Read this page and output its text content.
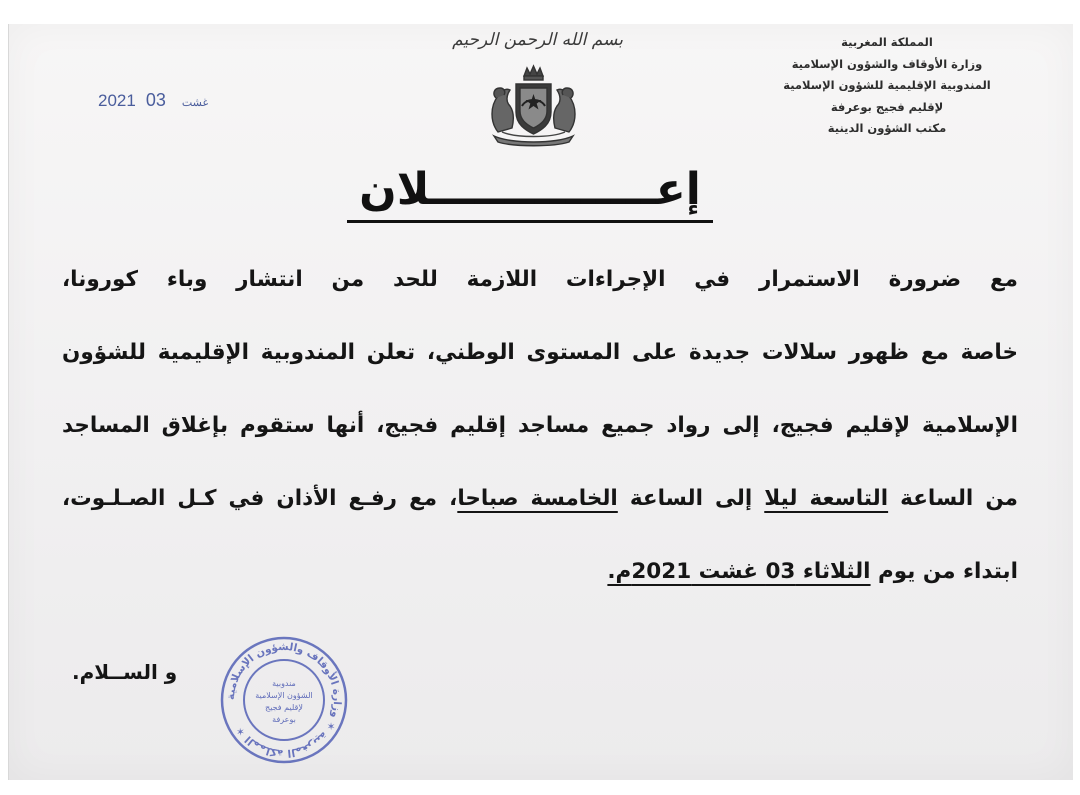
المملكة المغربية
وزارة الأوقاف والشؤون الإسلامية
المندوبية الإقليمية للشؤون الإسلامية
لإقليم فجيج بوعرفة
مكتب الشؤون الدينية
2021	غشت03
بسم الله الرحمن الرحيم
إعـــــــــــــــلان
مع ضرورة الاستمرار في الإجراءات اللازمة للحد من انتشار وباء كورونا،
خاصة مع ظهور سلالات جديدة على المستوى الوطني، تعلن المندوبية الإقليمية للشؤون
الإسلامية لإقليم فجيج، إلى رواد جميع مساجد إقليم فجيج، أنها ستقوم بإغلاق المساجد
من الساعة التاسعة ليلا إلى الساعة الخامسة صباحا، مع رفـع الأذان في كـل الصـلـوت،
ابتداء من يوم الثلاثاء 03 غشت 2021م.
و الســلام.
المملكة المغربية ✶ وزارة الأوقاف والشؤون الإسلامية ✶
مندوبية
الشؤون الإسلامية
لإقليم فجيج
بوعرفة
